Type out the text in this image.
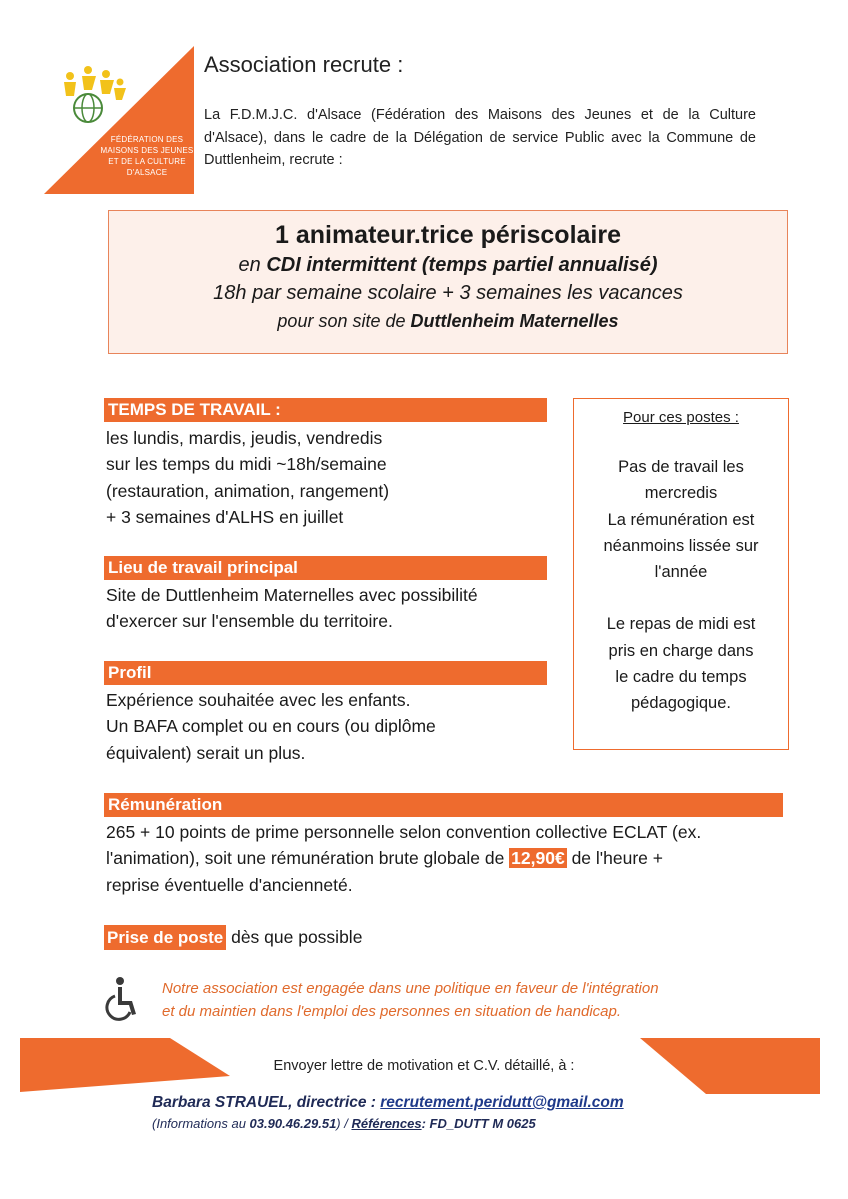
FÉDÉRATION DES
MAISONS DES JEUNES
ET DE LA CULTURE
D'ALSACE
Association recrute :
La F.D.M.J.C. d'Alsace (Fédération des Maisons des Jeunes et de la Culture d'Alsace), dans le cadre de la Délégation de service Public avec la Commune de Duttlenheim, recrute :
1 animateur.trice périscolaire
en CDI intermittent (temps partiel annualisé)
18h par semaine scolaire + 3 semaines les vacances
pour son site de Duttlenheim Maternelles
TEMPS DE TRAVAIL :
les lundis, mardis, jeudis, vendredis
sur les temps du midi ~18h/semaine
(restauration, animation, rangement)
+ 3 semaines d'ALHS en juillet
Lieu de travail principal
Site de Duttlenheim Maternelles avec possibilité
d'exercer sur l'ensemble du territoire.
Profil
Expérience souhaitée avec les enfants.
Un BAFA complet ou en cours (ou diplôme
équivalent) serait un plus.
Pour ces postes :
Pas de travail les
mercredis
La rémunération est
néanmoins lissée sur
l'année
Le repas de midi est
pris en charge dans
le cadre du temps
pédagogique.
Rémunération
265 + 10 points de prime personnelle selon convention collective ECLAT (ex.
l'animation), soit une rémunération brute globale de 12,90€ de l'heure +
reprise éventuelle d'ancienneté.
Prise de poste dès que possible
Notre association est engagée dans une politique en faveur de l'intégration
et du maintien dans l'emploi des personnes en situation de handicap.
Envoyer lettre de motivation et C.V. détaillé, à :
Barbara STRAUEL, directrice : recrutement.peridutt@gmail.com
(Informations au 03.90.46.29.51) / Références: FD_DUTT M 0625
